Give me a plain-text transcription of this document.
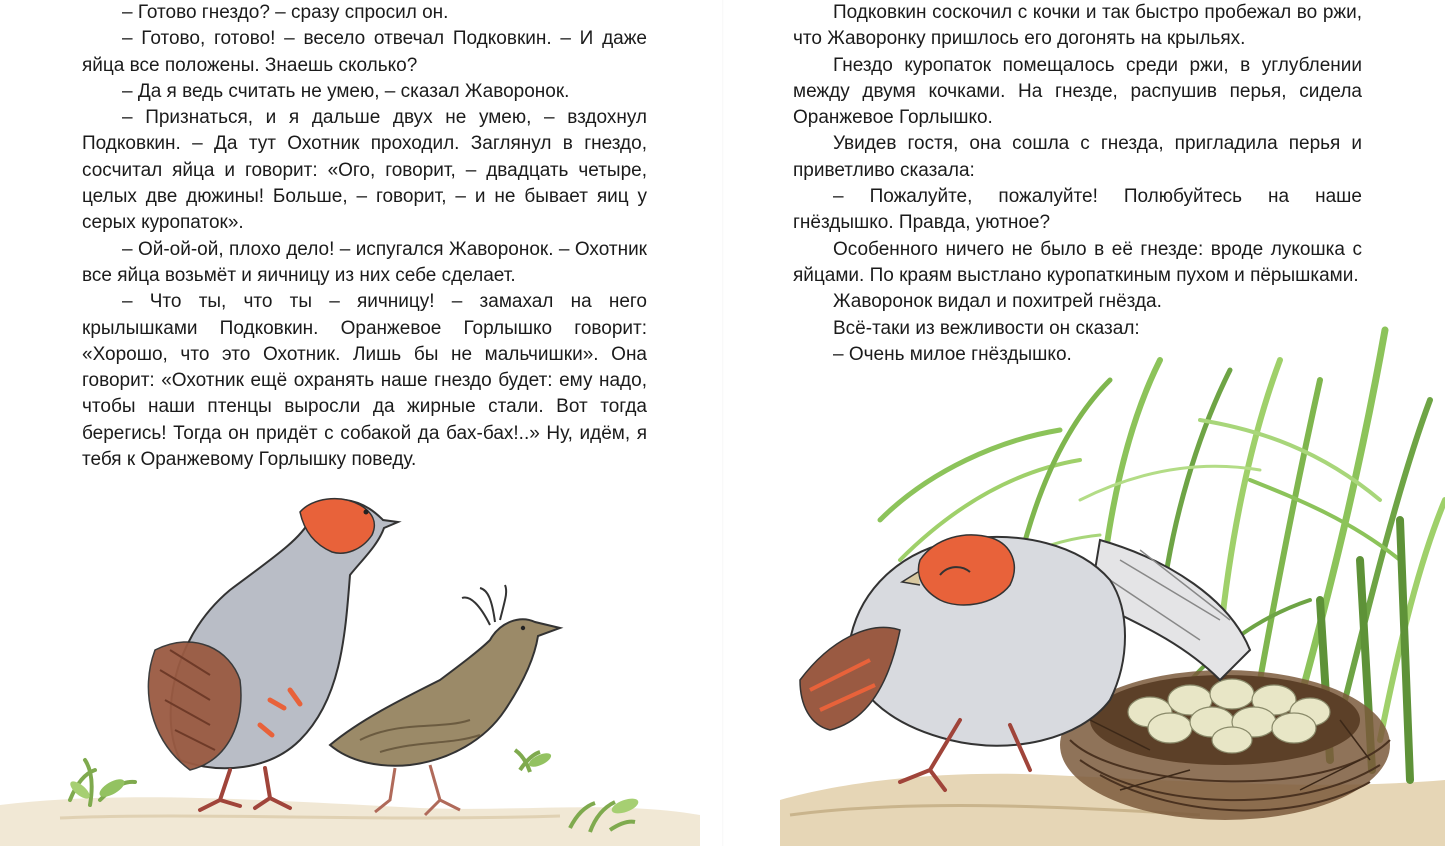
– Готово гнездо? – сразу спросил он.

– Готово, готово! – весело отвечал Подковкин. – И даже яйца все положены. Знаешь сколько?

– Да я ведь считать не умею, – сказал Жаворонок.

– Признаться, и я дальше двух не умею, – вздохнул Подковкин. – Да тут Охотник проходил. Заглянул в гнездо, сосчитал яйца и говорит: «Ого, говорит, – двадцать четыре, целых две дюжины! Больше, – говорит, – и не бывает яиц у серых куропаток».

– Ой-ой-ой, плохо дело! – испугался Жаворонок. – Охотник все яйца возьмёт и яичницу из них себе сделает.

– Что ты, что ты – яичницу! – замахал на него крылышками Подковкин. Оранжевое Горлышко говорит: «Хорошо, что это Охотник. Лишь бы не мальчишки». Она говорит: «Охотник ещё охранять наше гнездо будет: ему надо, чтобы наши птенцы выросли да жирные стали. Вот тогда берегись! Тогда он придёт с собакой да бах-бах!..» Ну, идём, я тебя к Оранжевому Горлышку поведу.

Подковкин соскочил с кочки и так быстро пробежал во ржи, что Жаворонку пришлось его догонять на крыльях.

Гнездо куропаток помещалось среди ржи, в углублении между двумя кочками. На гнезде, распушив перья, сидела Оранжевое Горлышко.

Увидев гостя, она сошла с гнезда, пригладила перья и приветливо сказала:

– Пожалуйте, пожалуйте! Полюбуйтесь на наше гнёздышко. Правда, уютное?

Особенного ничего не было в её гнезде: вроде лукошка с яйцами. По краям выстлано куропаткиным пухом и пёрышками.

Жаворонок видал и похитрей гнёзда.

Всё-таки из вежливости он сказал:

– Очень милое гнёздышко.
